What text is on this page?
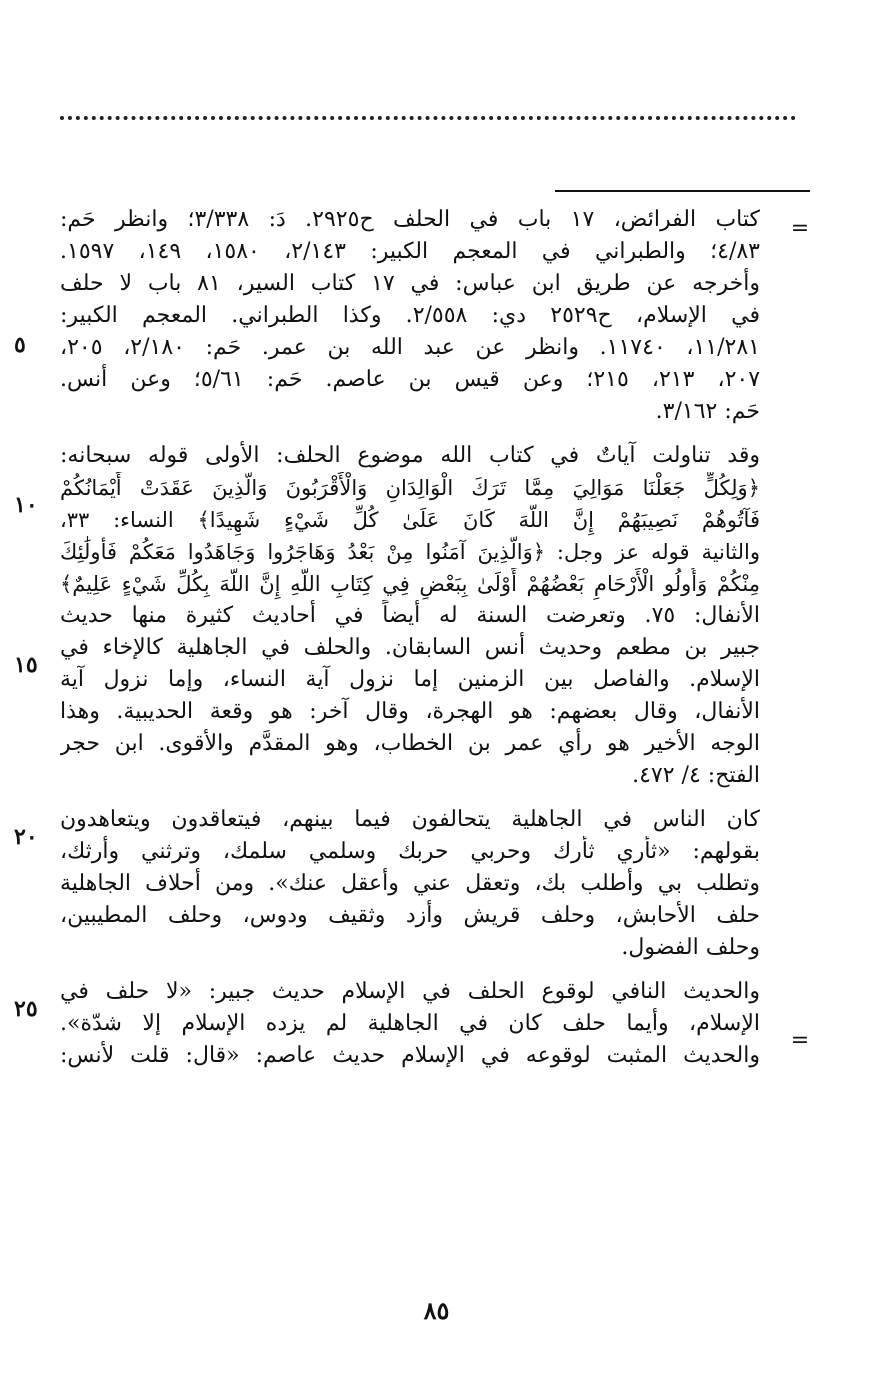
=
كتاب الفرائض، ١٧ باب في الحلف ح٢٩٢٥. دَ: ٣/٣٣٨؛ وانظر حَم:
٤/٨٣؛ والطبراني في المعجم الكبير: ٢/١٤٣، ١٥٨٠، ١٤٩، ١٥٩٧.
وأخرجه عن طريق ابن عباس: في ١٧ كتاب السير، ٨١ باب لا حلف
في الإسلام، ح٢٥٢٩ دي: ٢/٥٥٨. وكذا الطبراني. المعجم الكبير:
١١/٢٨١، ١١٧٤٠. وانظر عن عبد الله بن عمر. حَم: ٢/١٨٠، ٢٠٥،
٢٠٧، ٢١٣، ٢١٥؛ وعن قيس بن عاصم. حَم: ٥/٦١؛ وعن أنس.
حَم: ٣/١٦٢.
وقد تناولت آياتٌ في كتاب الله موضوع الحلف: الأولى قوله سبحانه:
﴿وَلِكُلٍّ جَعَلْنَا مَوَالِيَ مِمَّا تَرَكَ الْوَالِدَانِ وَالْأَقْرَبُونَ وَالَّذِينَ عَقَدَتْ أَيْمَانُكُمْ
فَآتُوهُمْ نَصِيبَهُمْ إِنَّ اللَّهَ كَانَ عَلَىٰ كُلِّ شَيْءٍ شَهِيدًا﴾ النساء: ٣٣،
والثانية قوله عز وجل: ﴿وَالَّذِينَ آمَنُوا مِنْ بَعْدُ وَهَاجَرُوا وَجَاهَدُوا مَعَكُمْ فَأُولَٰئِكَ
مِنْكُمْ وَأُولُو الْأَرْحَامِ بَعْضُهُمْ أَوْلَىٰ بِبَعْضٍ فِي كِتَابِ اللَّهِ إِنَّ اللَّهَ بِكُلِّ شَيْءٍ عَلِيمٌ﴾
الأنفال: ٧٥. وتعرضت السنة له أيضاً في أحاديث كثيرة منها حديث
جبير بن مطعم وحديث أنس السابقان. والحلف في الجاهلية كالإخاء في
الإسلام. والفاصل بين الزمنين إما نزول آية النساء، وإما نزول آية
الأنفال، وقال بعضهم: هو الهجرة، وقال آخر: هو وقعة الحديبية. وهذا
الوجه الأخير هو رأي عمر بن الخطاب، وهو المقدَّم والأقوى. ابن حجر
الفتح: ٤/ ٤٧٢.
كان الناس في الجاهلية يتحالفون فيما بينهم، فيتعاقدون ويتعاهدون
بقولهم: «ثأري ثأرك وحربي حربك وسلمي سلمك، وترثني وأرثك،
وتطلب بي وأطلب بك، وتعقل عني وأعقل عنك». ومن أحلاف الجاهلية
حلف الأحابش، وحلف قريش وأزد وثقيف ودوس، وحلف المطيبين،
وحلف الفضول.
والحديث النافي لوقوع الحلف في الإسلام حديث جبير: «لا حلف في
الإسلام، وأيما حلف كان في الجاهلية لم يزده الإسلام إلا شدّة».
والحديث المثبت لوقوعه في الإسلام حديث عاصم: «قال: قلت لأنس:
٥
١٠
١٥
٢٠
٢٥
=
٨٥
